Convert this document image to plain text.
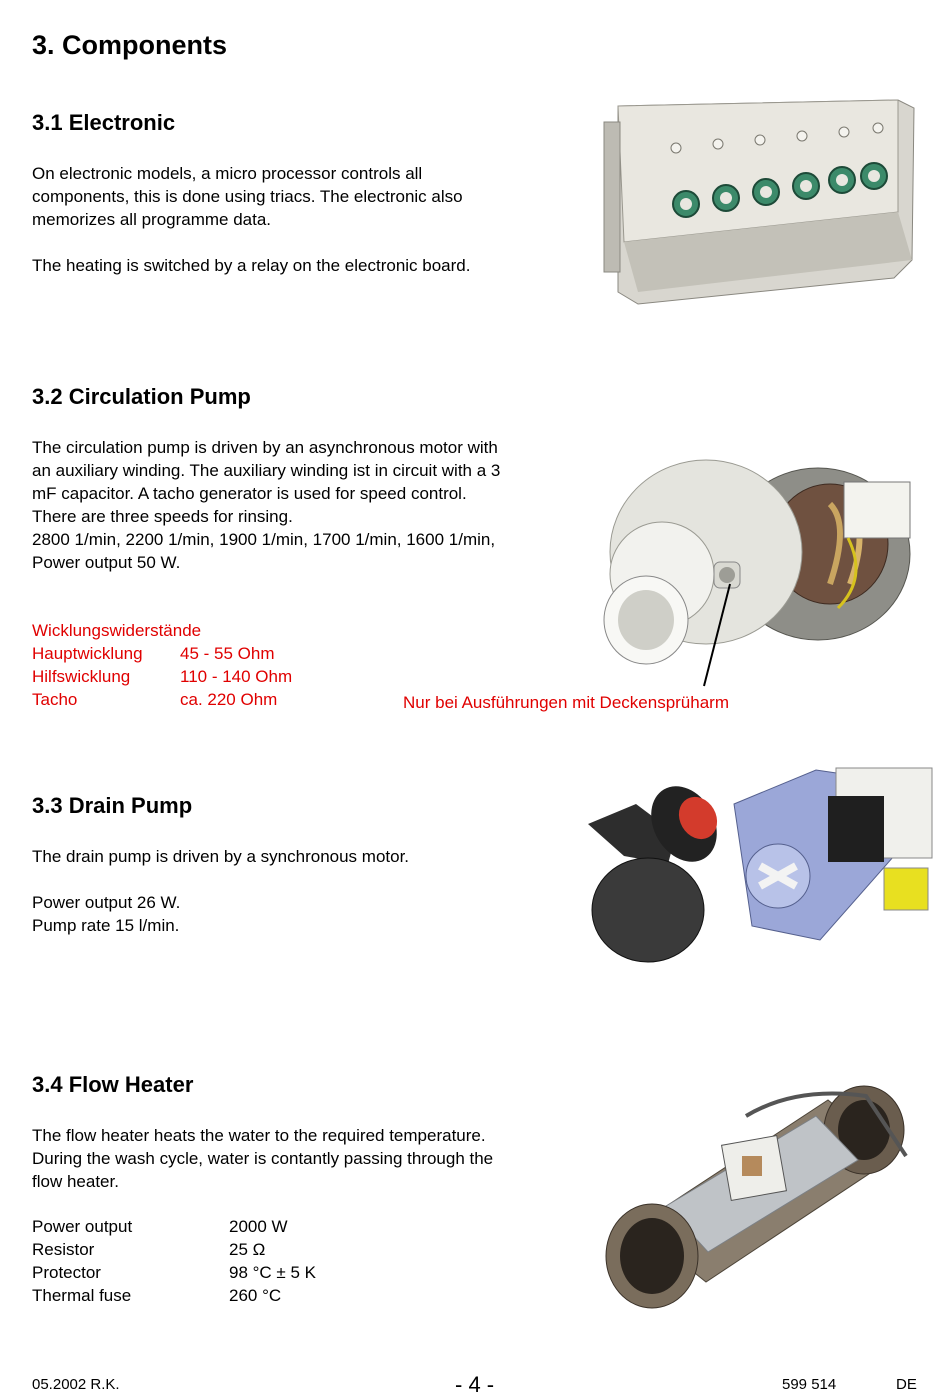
3. Components
3.1 Electronic
On electronic models, a micro processor controls all
components, this is done using triacs. The electronic also
memorizes all programme data.
The heating is switched by a relay on the electronic board.
3.2 Circulation Pump
The circulation pump is driven by an asynchronous motor with
an auxiliary winding. The auxiliary winding ist in circuit with a 3
mF capacitor. A tacho generator is used for speed control.
There are three speeds for rinsing.
2800 1/min, 2200 1/min, 1900 1/min, 1700 1/min, 1600 1/min,
Power output 50 W.
Wicklungswiderstände
Hauptwicklung	45 - 55 Ohm
Hilfswicklung	110 - 140 Ohm
Tacho	ca. 220 Ohm	Nur bei Ausführungen mit Deckensprüharm
3.3 Drain Pump
The drain pump is driven by a synchronous motor.
Power output 26 W.
Pump rate 15 l/min.
3.4 Flow Heater
The flow heater heats the water to the required temperature.
During the wash cycle, water is contantly passing through the
flow heater.
Power output	2000 W
Resistor	25 Ω
Protector	98 °C ± 5 K
Thermal fuse	260 °C
05.2002 R.K.	- 4 -	599 514	DE
